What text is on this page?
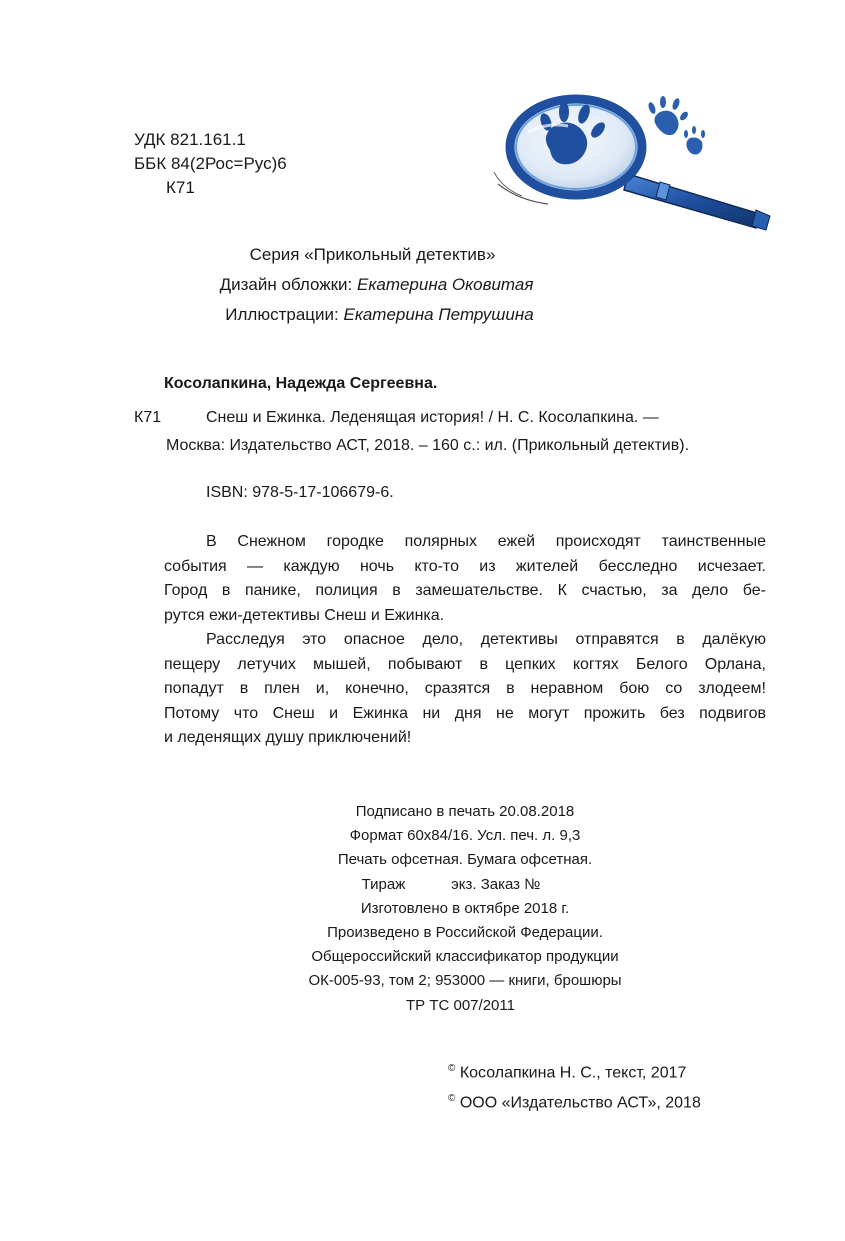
УДК 821.161.1
ББК 84(2Рос=Рус)6
К71
Серия «Прикольный детектив»
Дизайн обложки: Екатерина Оковитая
Иллюстрации: Екатерина Петрушина
Косолапкина, Надежда Сергеевна.
К71	Снеш и Ежинка. Леденящая история! / Н. С. Косолапкина. —
Москва: Издательство АСТ, 2018. – 160 с.: ил. (Прикольный детектив).
ISBN: 978-5-17-106679-6.
В Снежном городке полярных ежей происходят таинственные
события — каждую ночь кто-то из жителей бесследно исчезает.
Город в панике, полиция в замешательстве. К счастью, за дело бе-
рутся ежи-детективы Снеш и Ежинка.
Расследуя это опасное дело, детективы отправятся в далёкую
пещеру летучих мышей, побывают в цепких когтях Белого Орлана,
попадут в плен и, конечно, сразятся в неравном бою со злодеем!
Потому что Снеш и Ежинка ни дня не могут прожить без подвигов
и леденящих душу приключений!
Подписано в печать 20.08.2018
Формат 60x84/16. Усл. печ. л. 9,3
Печать офсетная. Бумага офсетная.
Тираж           экз. Заказ №
Изготовлено в октябре 2018 г.
Произведено в Российской Федерации.
Общероссийский классификатор продукции
ОК-005-93, том 2; 953000 — книги, брошюры
ТР ТС 007/2011
© Косолапкина Н. С., текст, 2017
© ООО «Издательство АСТ», 2018
